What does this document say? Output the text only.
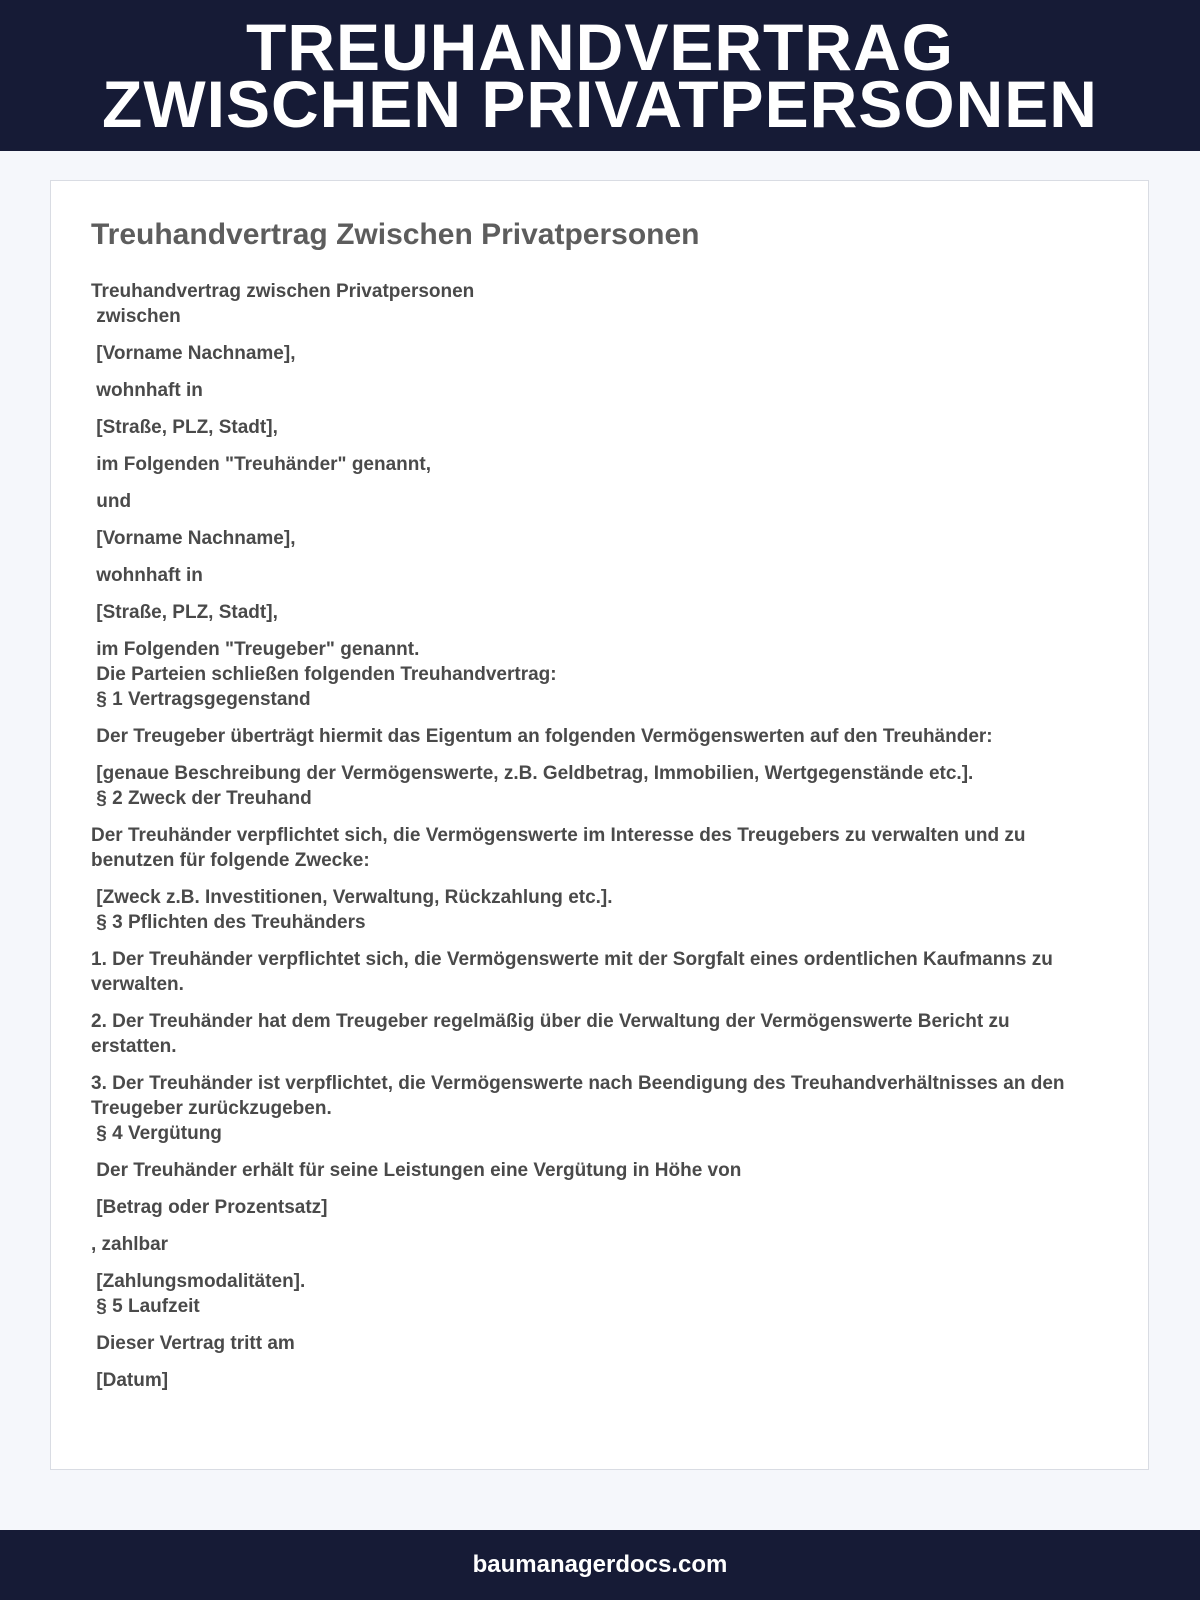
TREUHANDVERTRAG
ZWISCHEN PRIVATPERSONEN
Treuhandvertrag Zwischen Privatpersonen
Treuhandvertrag zwischen Privatpersonen
zwischen
[Vorname Nachname],
wohnhaft in
[Straße, PLZ, Stadt],
im Folgenden "Treuhänder" genannt,
und
[Vorname Nachname],
wohnhaft in
[Straße, PLZ, Stadt],
im Folgenden "Treugeber" genannt.
Die Parteien schließen folgenden Treuhandvertrag:
§ 1 Vertragsgegenstand
Der Treugeber überträgt hiermit das Eigentum an folgenden Vermögenswerten auf den Treuhänder:
[genaue Beschreibung der Vermögenswerte, z.B. Geldbetrag, Immobilien, Wertgegenstände etc.].
§ 2 Zweck der Treuhand
Der Treuhänder verpflichtet sich, die Vermögenswerte im Interesse des Treugebers zu verwalten und zu benutzen für folgende Zwecke:
[Zweck z.B. Investitionen, Verwaltung, Rückzahlung etc.].
§ 3 Pflichten des Treuhänders
1. Der Treuhänder verpflichtet sich, die Vermögenswerte mit der Sorgfalt eines ordentlichen Kaufmanns zu verwalten.
2. Der Treuhänder hat dem Treugeber regelmäßig über die Verwaltung der Vermögenswerte Bericht zu erstatten.
3. Der Treuhänder ist verpflichtet, die Vermögenswerte nach Beendigung des Treuhandverhältnisses an den Treugeber zurückzugeben.
§ 4 Vergütung
Der Treuhänder erhält für seine Leistungen eine Vergütung in Höhe von
[Betrag oder Prozentsatz]
, zahlbar
[Zahlungsmodalitäten].
§ 5 Laufzeit
Dieser Vertrag tritt am
[Datum]
baumanagerdocs.com
